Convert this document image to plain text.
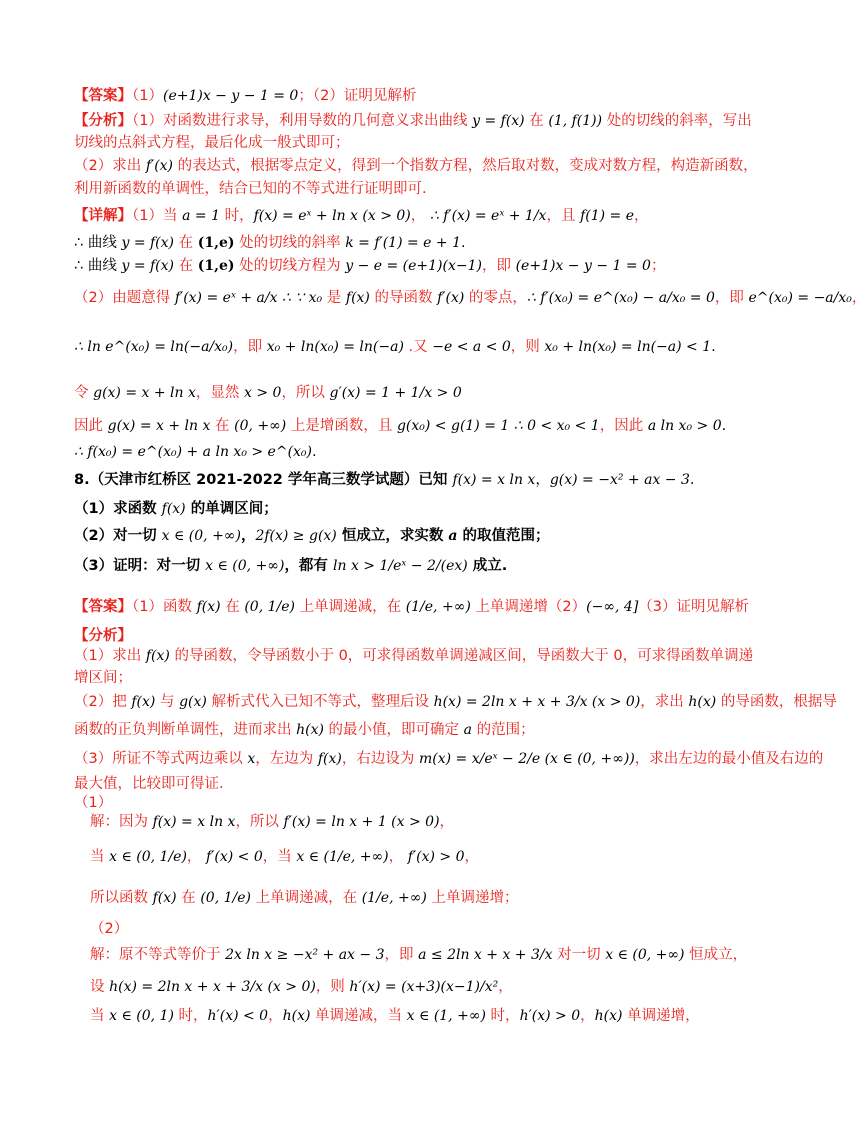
【答案】（1）(e+1)x − y − 1 = 0；（2）证明见解析
【分析】（1）对函数进行求导，利用导数的几何意义求出曲线 y = f(x) 在 (1, f(1)) 处的切线的斜率，写出
切线的点斜式方程，最后化成一般式即可；
（2）求出 f′(x) 的表达式，根据零点定义，得到一个指数方程，然后取对数，变成对数方程，构造新函数，
利用新函数的单调性，结合已知的不等式进行证明即可.
【详解】（1）当 a = 1 时，f(x) = eˣ + ln x (x > 0)， ∴ f′(x) = eˣ + 1/x，且 f(1) = e，
∴ 曲线 y = f(x) 在 (1,e) 处的切线的斜率 k = f′(1) = e + 1.
∴ 曲线 y = f(x) 在 (1,e) 处的切线方程为 y − e = (e+1)(x−1)，即 (e+1)x − y − 1 = 0；
（2）由题意得 f′(x) = eˣ + a/x ∴ ∵ x₀ 是 f(x) 的导函数 f′(x) 的零点，∴ f′(x₀) = e^(x₀) − a/x₀ = 0，即 e^(x₀) = −a/x₀，
∴ ln e^(x₀) = ln(−a/x₀)，即 x₀ + ln(x₀) = ln(−a) .又 −e < a < 0，则 x₀ + ln(x₀) = ln(−a) < 1.
令 g(x) = x + ln x，显然 x > 0，所以 g′(x) = 1 + 1/x > 0
因此 g(x) = x + ln x 在 (0, +∞) 上是增函数，且 g(x₀) < g(1) = 1 ∴ 0 < x₀ < 1，因此 a ln x₀ > 0.
∴ f(x₀) = e^(x₀) + a ln x₀ > e^(x₀).
8.（天津市红桥区 2021-2022 学年高三数学试题）已知 f(x) = x ln x，g(x) = −x² + ax − 3.
（1）求函数 f(x) 的单调区间；
（2）对一切 x ∈ (0, +∞)，2f(x) ≥ g(x) 恒成立，求实数 a 的取值范围；
（3）证明：对一切 x ∈ (0, +∞)，都有 ln x > 1/eˣ − 2/(ex) 成立.
【答案】（1）函数 f(x) 在 (0, 1/e) 上单调递减，在 (1/e, +∞) 上单调递增（2）(−∞, 4]（3）证明见解析
【分析】
（1）求出 f(x) 的导函数，令导函数小于 0，可求得函数单调递减区间，导函数大于 0，可求得函数单调递
增区间；
（2）把 f(x) 与 g(x) 解析式代入已知不等式，整理后设 h(x) = 2ln x + x + 3/x (x > 0)，求出 h(x) 的导函数，根据导
函数的正负判断单调性，进而求出 h(x) 的最小值，即可确定 a 的范围；
（3）所证不等式两边乘以 x，左边为 f(x)，右边设为 m(x) = x/eˣ − 2/e (x ∈ (0, +∞))，求出左边的最小值及右边的
最大值，比较即可得证.
（1）
解：因为 f(x) = x ln x，所以 f′(x) = ln x + 1 (x > 0)，
当 x ∈ (0, 1/e)， f′(x) < 0，当 x ∈ (1/e, +∞)， f′(x) > 0，
所以函数 f(x) 在 (0, 1/e) 上单调递减，在 (1/e, +∞) 上单调递增；
（2）
解：原不等式等价于 2x ln x ≥ −x² + ax − 3，即 a ≤ 2ln x + x + 3/x 对一切 x ∈ (0, +∞) 恒成立，
设 h(x) = 2ln x + x + 3/x (x > 0)，则 h′(x) = (x+3)(x−1)/x²，
当 x ∈ (0, 1) 时，h′(x) < 0，h(x) 单调递减，当 x ∈ (1, +∞) 时，h′(x) > 0，h(x) 单调递增，
